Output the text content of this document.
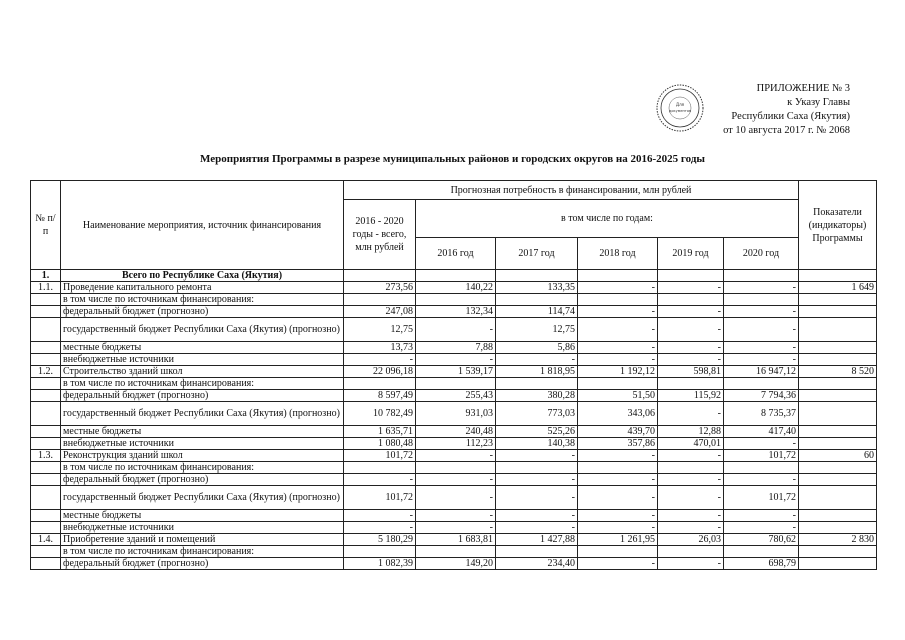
ПРИЛОЖЕНИЕ № 3
к Указу Главы
Республики Саха (Якутия)
от 10 августа 2017 г. № 2068
Для
документов
Мероприятия Программы в разрезе муниципальных районов и городских округов на 2016-2025 годы
№ п/п	Наименование мероприятия, источник финансирования	Прогнозная потребность в финансировании, млн рублей						Показатели (индикаторы) Программы
		2016 - 2020 годы - всего, млн рублей	в том числе по годам:					
			2016 год	2017 год	2018 год	2019 год	2020 год	
1.	Всего по Республике Саха (Якутия)							
1.1.	Проведение капитального ремонта	273,56	140,22	133,35	-	-	-	1 649
	в том числе по источникам финансирования:							
	федеральный бюджет (прогнозно)	247,08	132,34	114,74	-	-	-	
	государственный бюджет Республики Саха (Якутия) (прогнозно)	12,75	-	12,75	-	-	-	
	местные бюджеты	13,73	7,88	5,86	-	-	-	
	внебюджетные источники	-	-	-	-	-	-	
1.2.	Строительство зданий школ	22 096,18	1 539,17	1 818,95	1 192,12	598,81	16 947,12	8 520
	в том числе по источникам финансирования:							
	федеральный бюджет (прогнозно)	8 597,49	255,43	380,28	51,50	115,92	7 794,36	
	государственный бюджет Республики Саха (Якутия) (прогнозно)	10 782,49	931,03	773,03	343,06	-	8 735,37	
	местные бюджеты	1 635,71	240,48	525,26	439,70	12,88	417,40	
	внебюджетные источники	1 080,48	112,23	140,38	357,86	470,01	-	
1.3.	Реконструкция зданий школ	101,72	-	-	-	-	101,72	60
	в том числе по источникам финансирования:							
	федеральный бюджет (прогнозно)	-	-	-	-	-	-	
	государственный бюджет Республики Саха (Якутия) (прогнозно)	101,72	-	-	-	-	101,72	
	местные бюджеты	-	-	-	-	-	-	
	внебюджетные источники	-	-	-	-	-	-	
1.4.	Приобретение зданий и помещений	5 180,29	1 683,81	1 427,88	1 261,95	26,03	780,62	2 830
	в том числе по источникам финансирования:							
	федеральный бюджет (прогнозно)	1 082,39	149,20	234,40	-	-	698,79	
